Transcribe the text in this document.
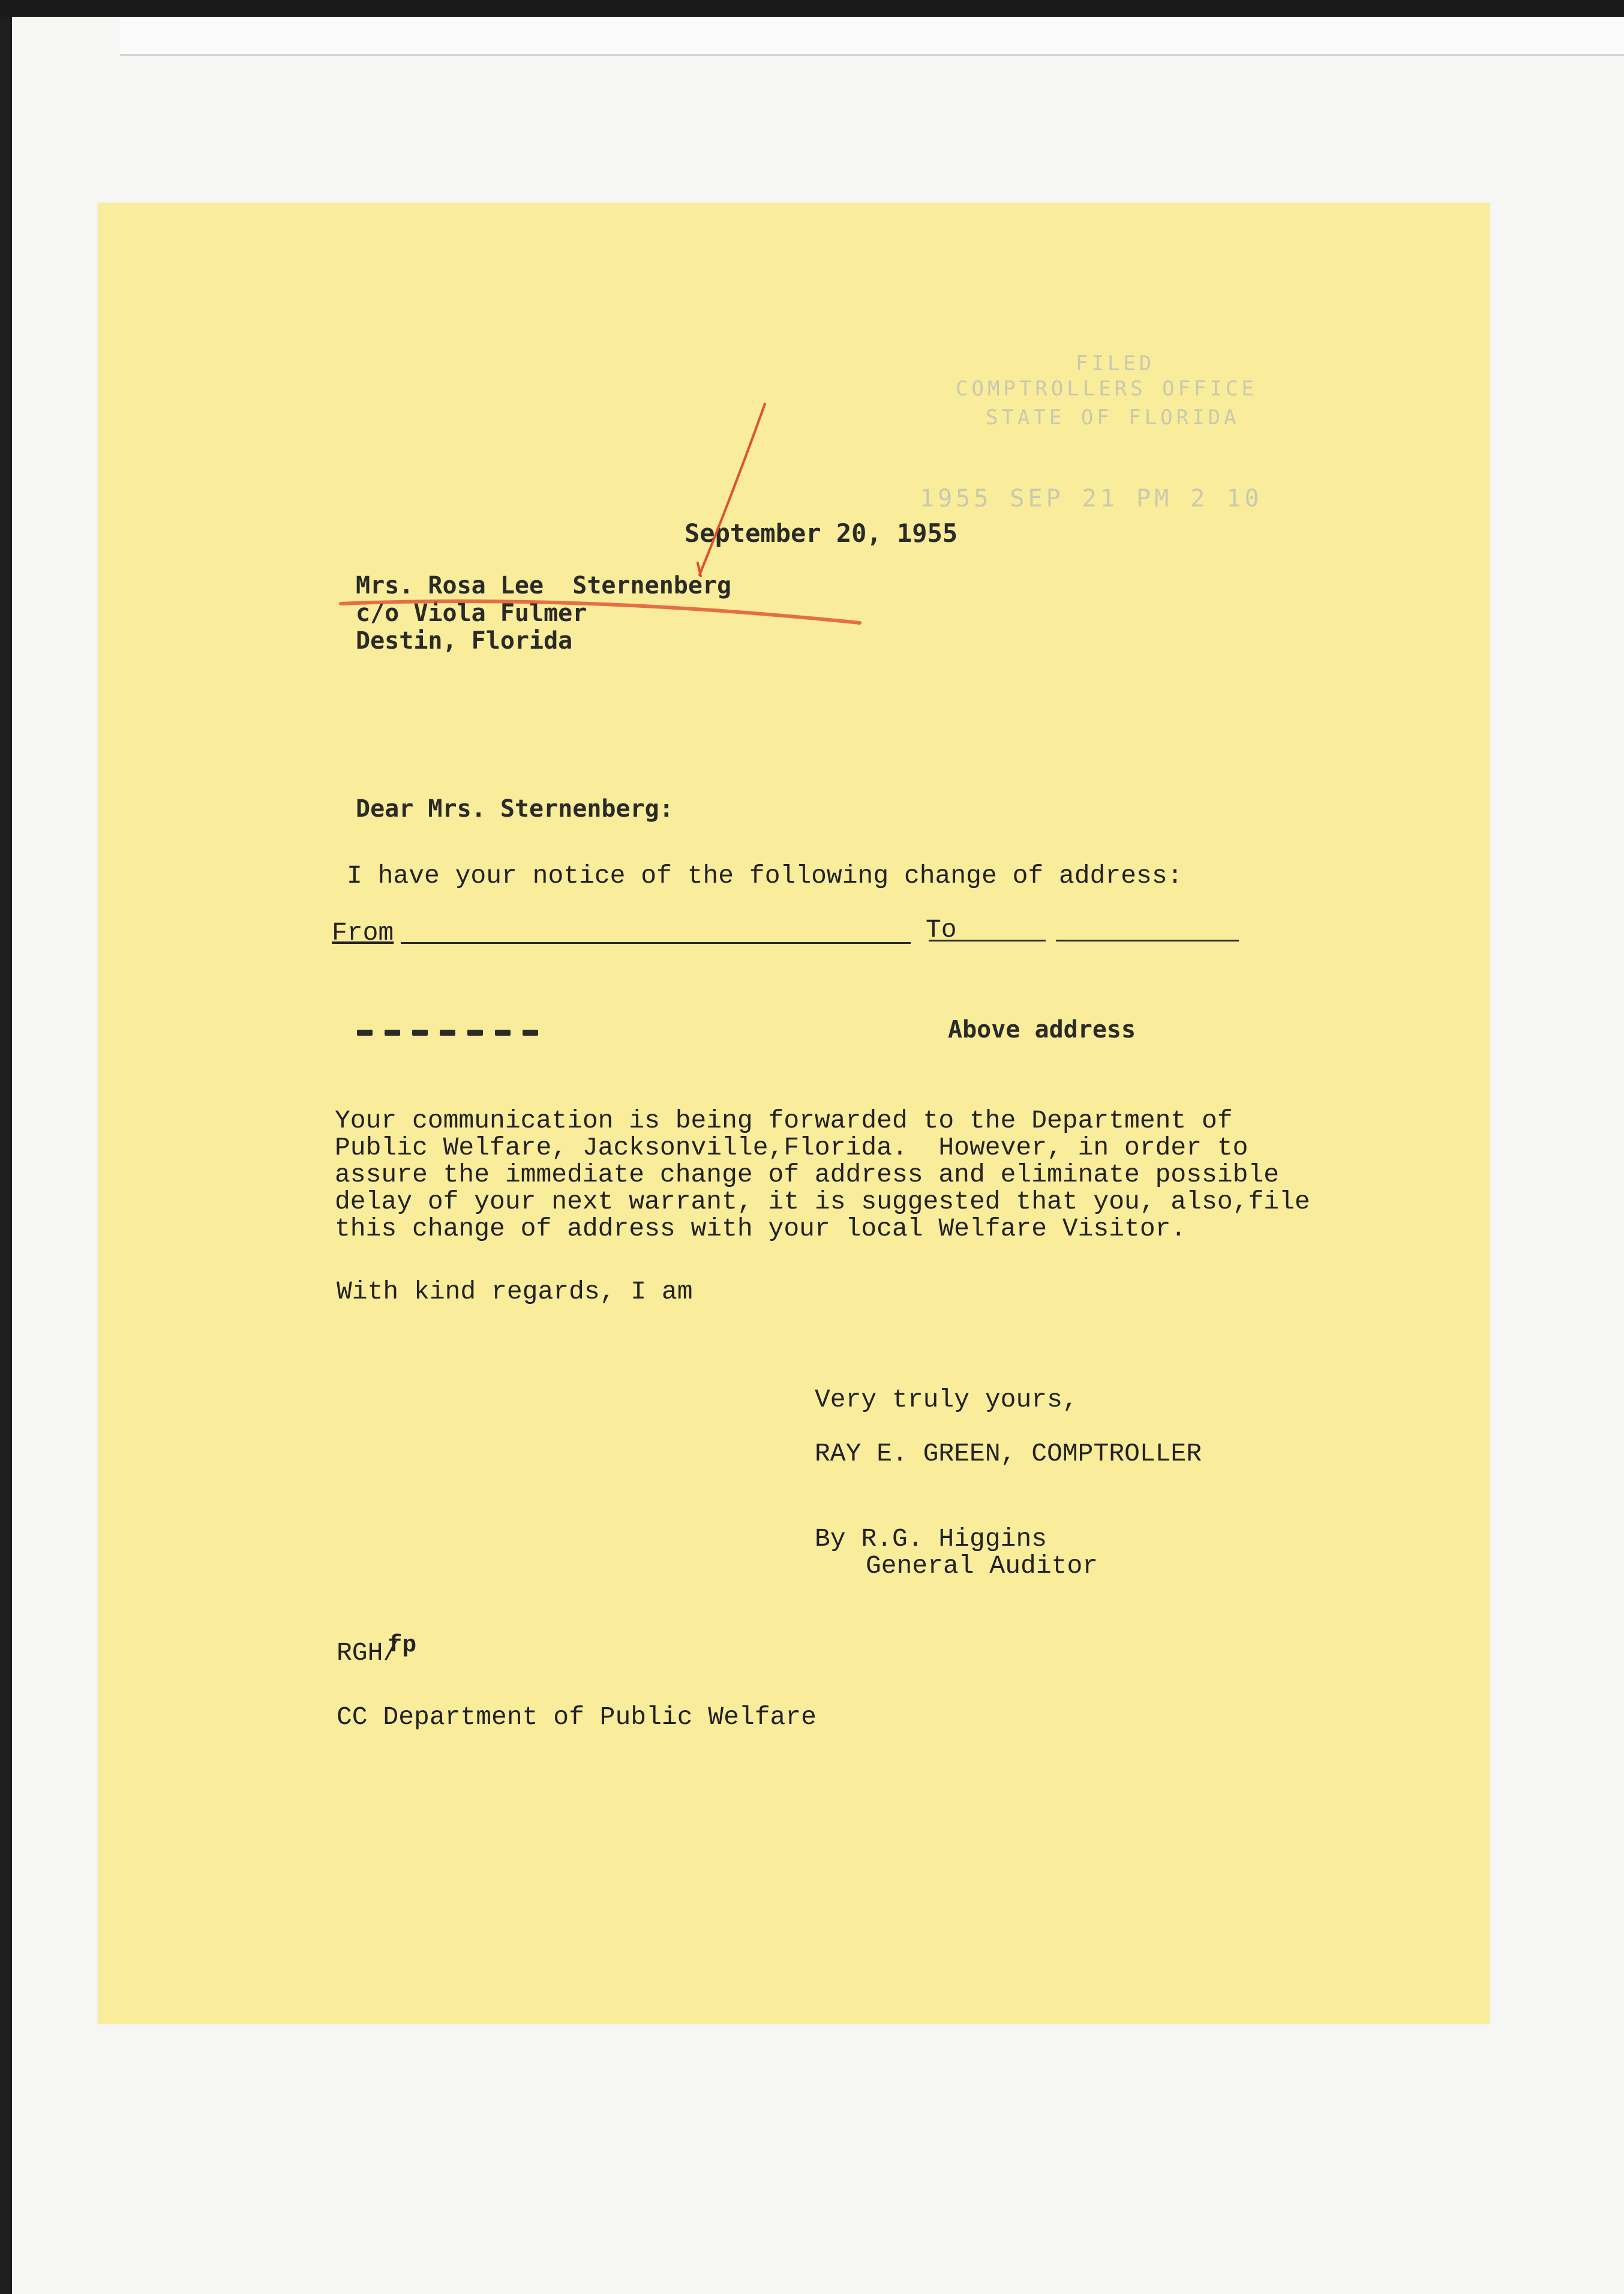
FILED
COMPTROLLERS OFFICE
STATE OF FLORIDA
1955 SEP 21 PM 2 10
September 20, 1955
Mrs. Rosa Lee  Sternenberg
c/o Viola Fulmer
Destin, Florida
Dear Mrs. Sternenberg:
I have your notice of the following change of address:
From	To
Above address
Your communication is being forwarded to the Department of
Public Welfare, Jacksonville,Florida.  However, in order to
assure the immediate change of address and eliminate possible
delay of your next warrant, it is suggested that you, also,file
this change of address with your local Welfare Visitor.
With kind regards, I am
Very truly yours,
RAY E. GREEN, COMPTROLLER
By R.G. Higgins
General Auditor
RGH/fp
CC Department of Public Welfare
